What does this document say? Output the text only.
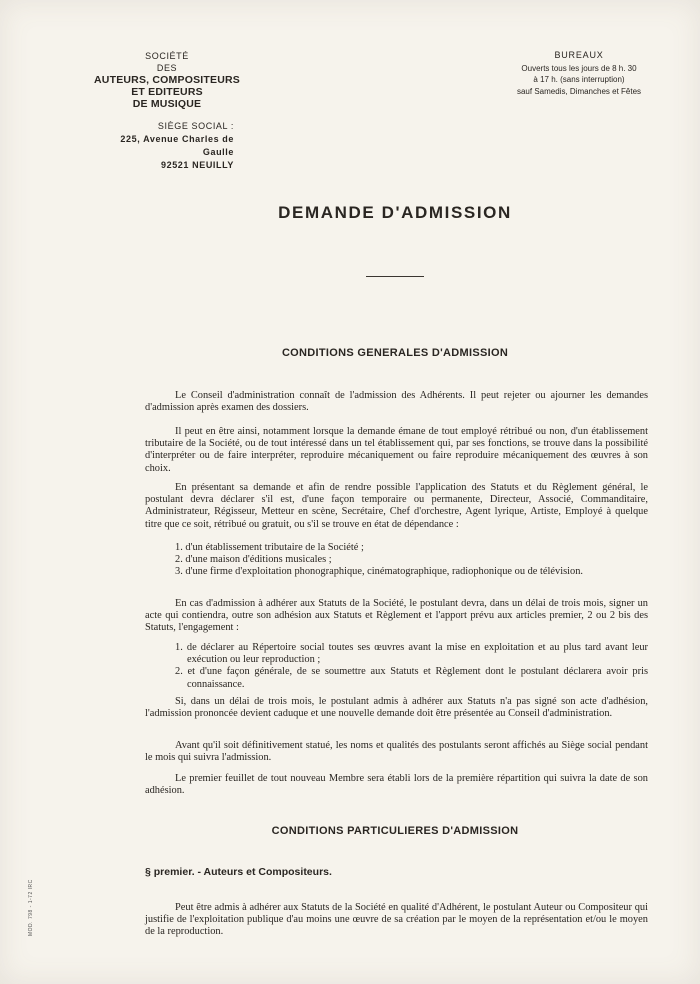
SOCIÉTÉ
DES
AUTEURS, COMPOSITEURS ET EDITEURS
DE MUSIQUE
SIÈGE SOCIAL :
225, Avenue Charles de Gaulle
92521 NEUILLY
BUREAUX
Ouverts tous les jours de 8 h. 30
à 17 h. (sans interruption)
sauf Samedis, Dimanches et Fêtes
DEMANDE D'ADMISSION
CONDITIONS GENERALES D'ADMISSION
Le Conseil d'administration connaît de l'admission des Adhérents. Il peut rejeter ou ajourner les demandes d'admission après examen des dossiers.
Il peut en être ainsi, notamment lorsque la demande émane de tout employé rétribué ou non, d'un établissement tributaire de la Société, ou de tout intéressé dans un tel établissement qui, par ses fonctions, se trouve dans la possibilité d'interpréter ou de faire interpréter, reproduire mécaniquement ou faire reproduire mécaniquement des œuvres à son choix.
En présentant sa demande et afin de rendre possible l'application des Statuts et du Règlement général, le postulant devra déclarer s'il est, d'une façon temporaire ou permanente, Directeur, Associé, Commanditaire, Administrateur, Régisseur, Metteur en scène, Secrétaire, Chef d'orchestre, Agent lyrique, Artiste, Employé à quelque titre que ce soit, rétribué ou gratuit, ou s'il se trouve en état de dépendance :
1. d'un établissement tributaire de la Société ;
2. d'une maison d'éditions musicales ;
3. d'une firme d'exploitation phonographique, cinématographique, radiophonique ou de télévision.
En cas d'admission à adhérer aux Statuts de la Société, le postulant devra, dans un délai de trois mois, signer un acte qui contiendra, outre son adhésion aux Statuts et Règlement et l'apport prévu aux articles premier, 2 ou 2 bis des Statuts, l'engagement :
1. de déclarer au Répertoire social toutes ses œuvres avant la mise en exploitation et au plus tard avant leur exécution ou leur reproduction ;
2. et d'une façon générale, de se soumettre aux Statuts et Règlement dont le postulant déclarera avoir pris connaissance.
Si, dans un délai de trois mois, le postulant admis à adhérer aux Statuts n'a pas signé son acte d'adhésion, l'admission prononcée devient caduque et une nouvelle demande doit être présentée au Conseil d'administration.
Avant qu'il soit définitivement statué, les noms et qualités des postulants seront affichés au Siège social pendant le mois qui suivra l'admission.
Le premier feuillet de tout nouveau Membre sera établi lors de la première répartition qui suivra la date de son adhésion.
CONDITIONS PARTICULIERES D'ADMISSION
§ premier. - Auteurs et Compositeurs.
Peut être admis à adhérer aux Statuts de la Société en qualité d'Adhérent, le postulant Auteur ou Compositeur qui justifie de l'exploitation publique d'au moins une œuvre de sa création par le moyen de la représentation et/ou le moyen de la reproduction.
MOD. 798 - 1-72 IRC
